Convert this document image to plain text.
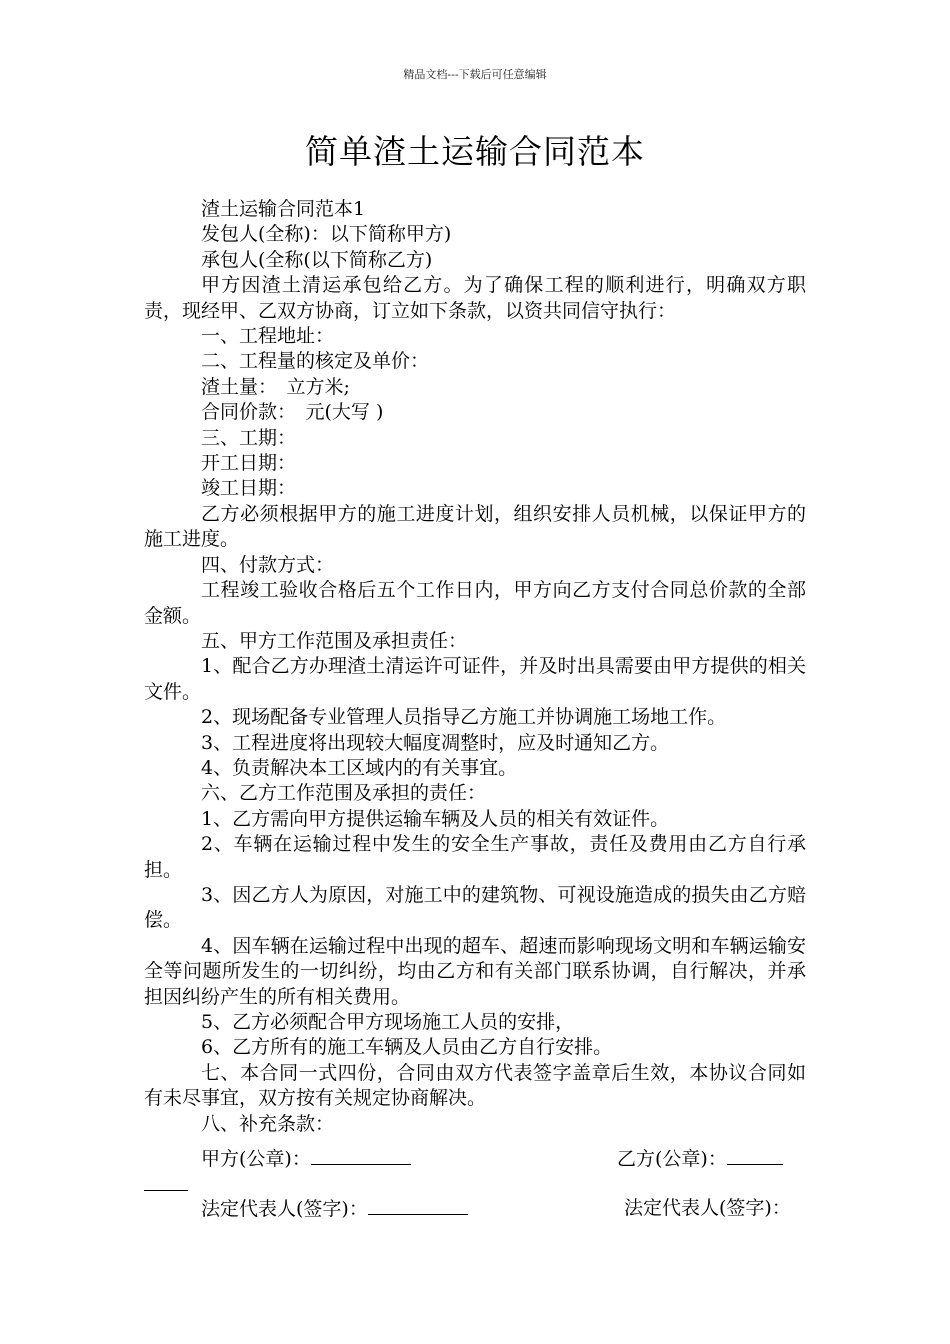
精品文档---下载后可任意编辑
简单渣土运输合同范本

渣土运输合同范本1

发包人(全称)：以下简称甲方)

承包人(全称(以下简称乙方)

甲方因渣土清运承包给乙方。为了确保工程的顺利进行，明确双方职责，现经甲、乙双方协商，订立如下条款，以资共同信守执行：

一、工程地址：

二、工程量的核定及单价：

渣土量：　立方米;

合同价款：　元(大写 )

三、工期：

开工日期：

竣工日期：

乙方必须根据甲方的施工进度计划，组织安排人员机械，以保证甲方的施工进度。

四、付款方式：

工程竣工验收合格后五个工作日内，甲方向乙方支付合同总价款的全部金额。

五、甲方工作范围及承担责任：

1、配合乙方办理渣土清运许可证件，并及时出具需要由甲方提供的相关文件。

2、现场配备专业管理人员指导乙方施工并协调施工场地工作。

3、工程进度将出现较大幅度凋整时，应及时通知乙方。

4、负责解决本工区域内的有关事宜。

六、乙方工作范围及承担的责任：

1、乙方需向甲方提供运输车辆及人员的相关有效证件。

2、车辆在运输过程中发生的安全生产事故，责任及费用由乙方自行承担。

3、因乙方人为原因，对施工中的建筑物、可视设施造成的损失由乙方赔偿。

4、因车辆在运输过程中出现的超车、超速而影响现场文明和车辆运输安全等问题所发生的一切纠纷，均由乙方和有关部门联系协调，自行解决，并承担因纠纷产生的所有相关费用。

5、乙方必须配合甲方现场施工人员的安排，

6、乙方所有的施工车辆及人员由乙方自行安排。

七、本合同一式四份，合同由双方代表签字盖章后生效，本协议合同如有未尽事宜，双方按有关规定协商解决。

八、补充条款：

甲方(公章)：	乙方(公章)：
法定代表人(签字)：	法定代表人(签字)：
